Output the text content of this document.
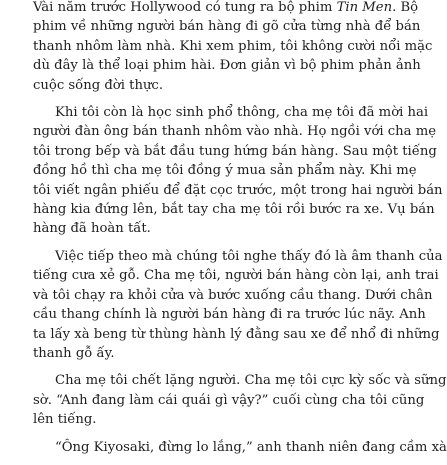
Vài năm trước Hollywood có tung ra bộ phim Tin Men. Bộ
phim về những người bán hàng đi gõ cửa từng nhà để bán
thanh nhôm làm nhà. Khi xem phim, tôi không cười nổi mặc
dù đây là thể loại phim hài. Đơn giản vì bộ phim phản ảnh
cuộc sống đời thực.
Khi tôi còn là học sinh phổ thông, cha mẹ tôi đã mời hai
người đàn ông bán thanh nhôm vào nhà. Họ ngồi với cha mẹ
tôi trong bếp và bắt đầu tung hứng bán hàng. Sau một tiếng
đồng hồ thì cha mẹ tôi đồng ý mua sản phẩm này. Khi mẹ
tôi viết ngân phiếu để đặt cọc trước, một trong hai người bán
hàng kia đứng lên, bắt tay cha mẹ tôi rồi bước ra xe. Vụ bán
hàng đã hoàn tất.
Việc tiếp theo mà chúng tôi nghe thấy đó là âm thanh của
tiếng cưa xẻ gỗ. Cha mẹ tôi, người bán hàng còn lại, anh trai
và tôi chạy ra khỏi cửa và bước xuống cầu thang. Dưới chân
cầu thang chính là người bán hàng đi ra trước lúc nãy. Anh
ta lấy xà beng từ thùng hành lý đằng sau xe để nhổ đi những
thanh gỗ ấy.
Cha mẹ tôi chết lặng người. Cha mẹ tôi cực kỳ sốc và sững
sờ. “Anh đang làm cái quái gì vậy?” cuối cùng cha tôi cũng
lên tiếng.
“Ông Kiyosaki, đừng lo lắng,” anh thanh niên đang cầm xà
